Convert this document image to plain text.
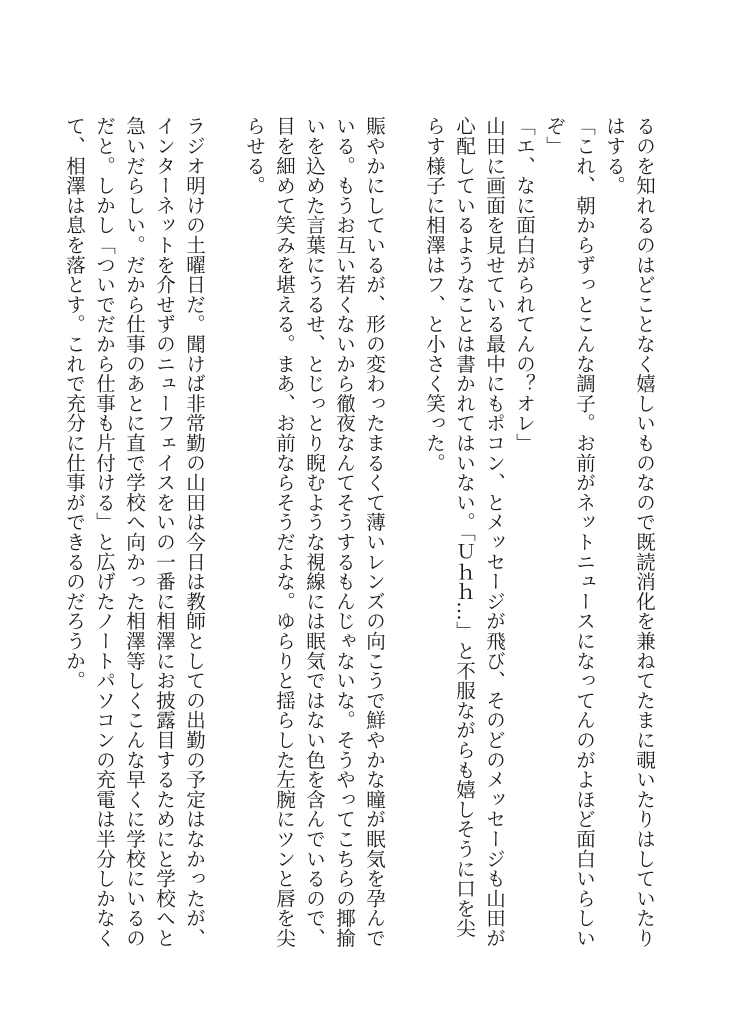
るのを知れるのはどことなく嬉しいものなので既読消化を兼ねてたまに覗いたりはしていたりはする。

「これ、朝からずっとこんな調子。お前がネットニュースになってんのがよほど面白いらしいぞ」

「エ、なに面白がられてんの？オレ」

山田に画面を見せている最中にもポコン、とメッセージが飛び、そのどのメッセージも山田が心配しているようなことは書かれてはいない。「Ｕｈｈ…」と不服ながらも嬉しそうに口を尖らす様子に相澤はフ、と小さく笑った。

賑やかにしているが、形の変わったまるくて薄いレンズの向こうで鮮やかな瞳が眠気を孕んでいる。もうお互い若くないから徹夜なんてそうするもんじゃないな。そうやってこちらの揶揄いを込めた言葉にうるせ、とじっとり睨むような視線には眠気ではない色を含んでいるので、目を細めて笑みを堪える。まあ、お前ならそうだよな。ゆらりと揺らした左腕にツンと唇を尖らせる。

ラジオ明けの土曜日だ。聞けば非常勤の山田は今日は教師としての出勤の予定はなかったが、インターネットを介せずのニューフェイスをいの一番に相澤にお披露目するためにと学校へと急いだらしい。だから仕事のあとに直で学校へ向かった相澤等しくこんな早くに学校にいるのだと。しかし「ついでだから仕事も片付ける」と広げたノートパソコンの充電は半分しかなくて、相澤は息を落とす。これで充分に仕事ができるのだろうか。
